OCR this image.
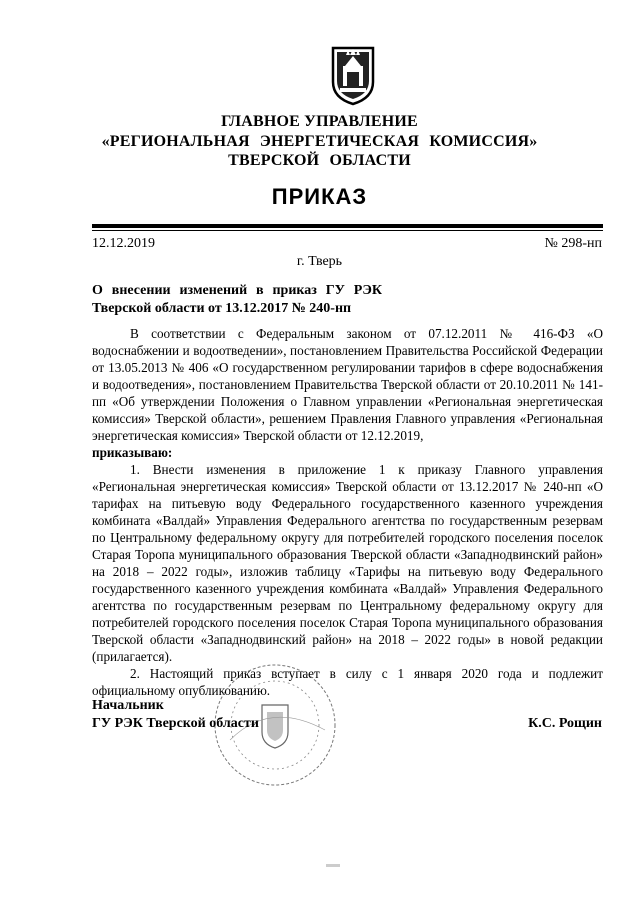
ГЛАВНОЕ УПРАВЛЕНИЕ
«РЕГИОНАЛЬНАЯ ЭНЕРГЕТИЧЕСКАЯ КОМИССИЯ»
ТВЕРСКОЙ ОБЛАСТИ
ПРИКАЗ
12.12.2019	№ 298-нп
г. Тверь

О внесении изменений в приказ ГУ РЭК

Тверской области от 13.12.2017 № 240-нп

В соответствии с Федеральным законом от 07.12.2011 № 416-ФЗ «О водоснабжении и водоотведении», постановлением Правительства Российской Федерации от 13.05.2013 № 406 «О государственном регулировании тарифов в сфере водоснабжения и водоотведения», постановлением Правительства Тверской области от 20.10.2011 № 141-пп «Об утверждении Положения о Главном управлении «Региональная энергетическая комиссия» Тверской области», решением Правления Главного управления «Региональная энергетическая комиссия» Тверской области от 12.12.2019,

приказываю:

1. Внести изменения в приложение 1 к приказу Главного управления «Региональная энергетическая комиссия» Тверской области от 13.12.2017 № 240-нп «О тарифах на питьевую воду Федерального государственного казенного учреждения комбината «Валдай» Управления Федерального агентства по государственным резервам по Центральному федеральному округу для потребителей городского поселения поселок Старая Торопа муниципального образования Тверской области «Западнодвинский район» на 2018 – 2022 годы», изложив таблицу «Тарифы на питьевую воду Федерального государственного казенного учреждения комбината «Валдай» Управления Федерального агентства по государственным резервам по Центральному федеральному округу для потребителей городского поселения поселок Старая Торопа муниципального образования Тверской области «Западнодвинский район» на 2018 – 2022 годы» в новой редакции (прилагается).

2. Настоящий приказ вступает в силу с 1 января 2020 года и подлежит официальному опубликованию.

Начальник
ГУ РЭК Тверской области	К.С. Рощин
